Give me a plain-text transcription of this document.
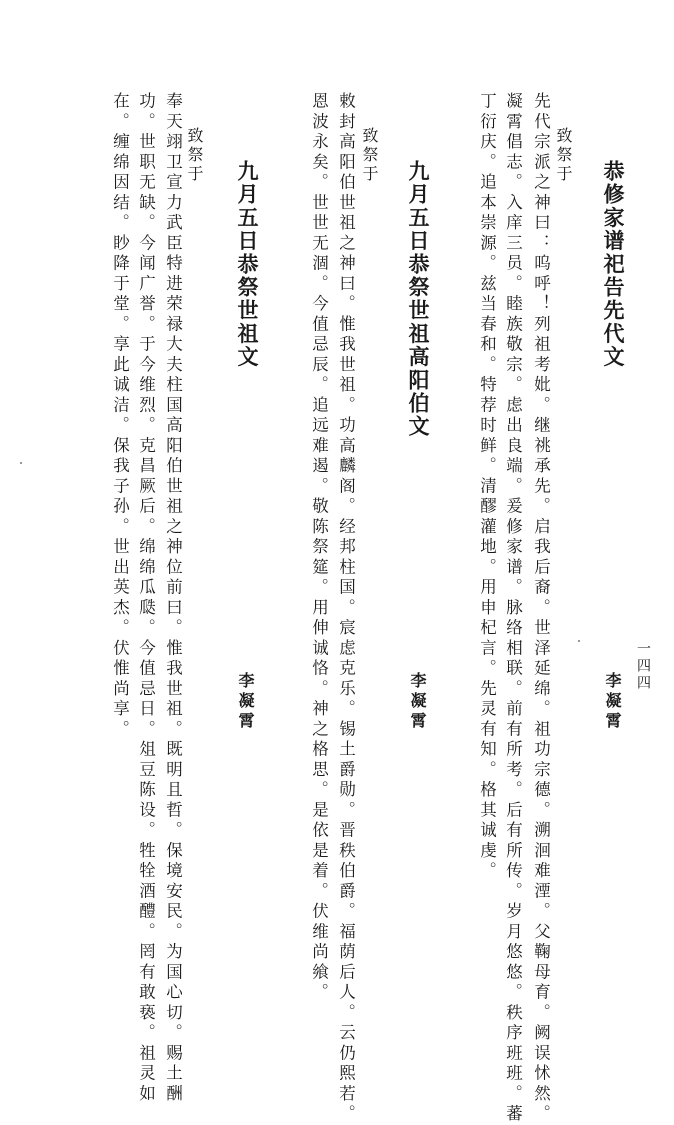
一四四
恭修家谱祀告先代文
李凝霄
致祭于
先代宗派之神曰：呜呼！列祖考妣。继祧承先。启我后裔。世泽延绵。祖功宗德。溯洄难湮。父鞠母育。阙误怵然。
凝霄倡志。入庠三员。睦族敬宗。虑出良端。爰修家谱。脉络相联。前有所考。后有所传。岁月悠悠。秩序班班。蕃
丁衍庆。追本崇源。兹当春和。特荐时鲜。清醪灌地。用申杞言。先灵有知。格其诚虔。
九月五日恭祭世祖高阳伯文
李凝霄
致祭于
敕封高阳伯世祖之神曰。惟我世祖。功高麟阁。经邦柱国。宸虑克乐。锡土爵勋。晋秩伯爵。福荫后人。云仍熙若。
恩波永矣。世世无涸。今值忌辰。追远难遏。敬陈祭筵。用伸诚恪。神之格思。是依是着。伏维尚飨。
九月五日恭祭世祖文
李凝霄
致祭于
奉天翊卫宣力武臣特进荣禄大夫柱国高阳伯世祖之神位前曰。惟我世祖。既明且哲。保境安民。为国心切。赐土酬
功。世职无缺。今闻广誉。于今维烈。克昌厥后。绵绵瓜瓞。今值忌日。俎豆陈设。牲牷酒醴。罔有敢亵。祖灵如
在。缠绵因结。眇降于堂。享此诚洁。保我子孙。世出英杰。伏惟尚享。
